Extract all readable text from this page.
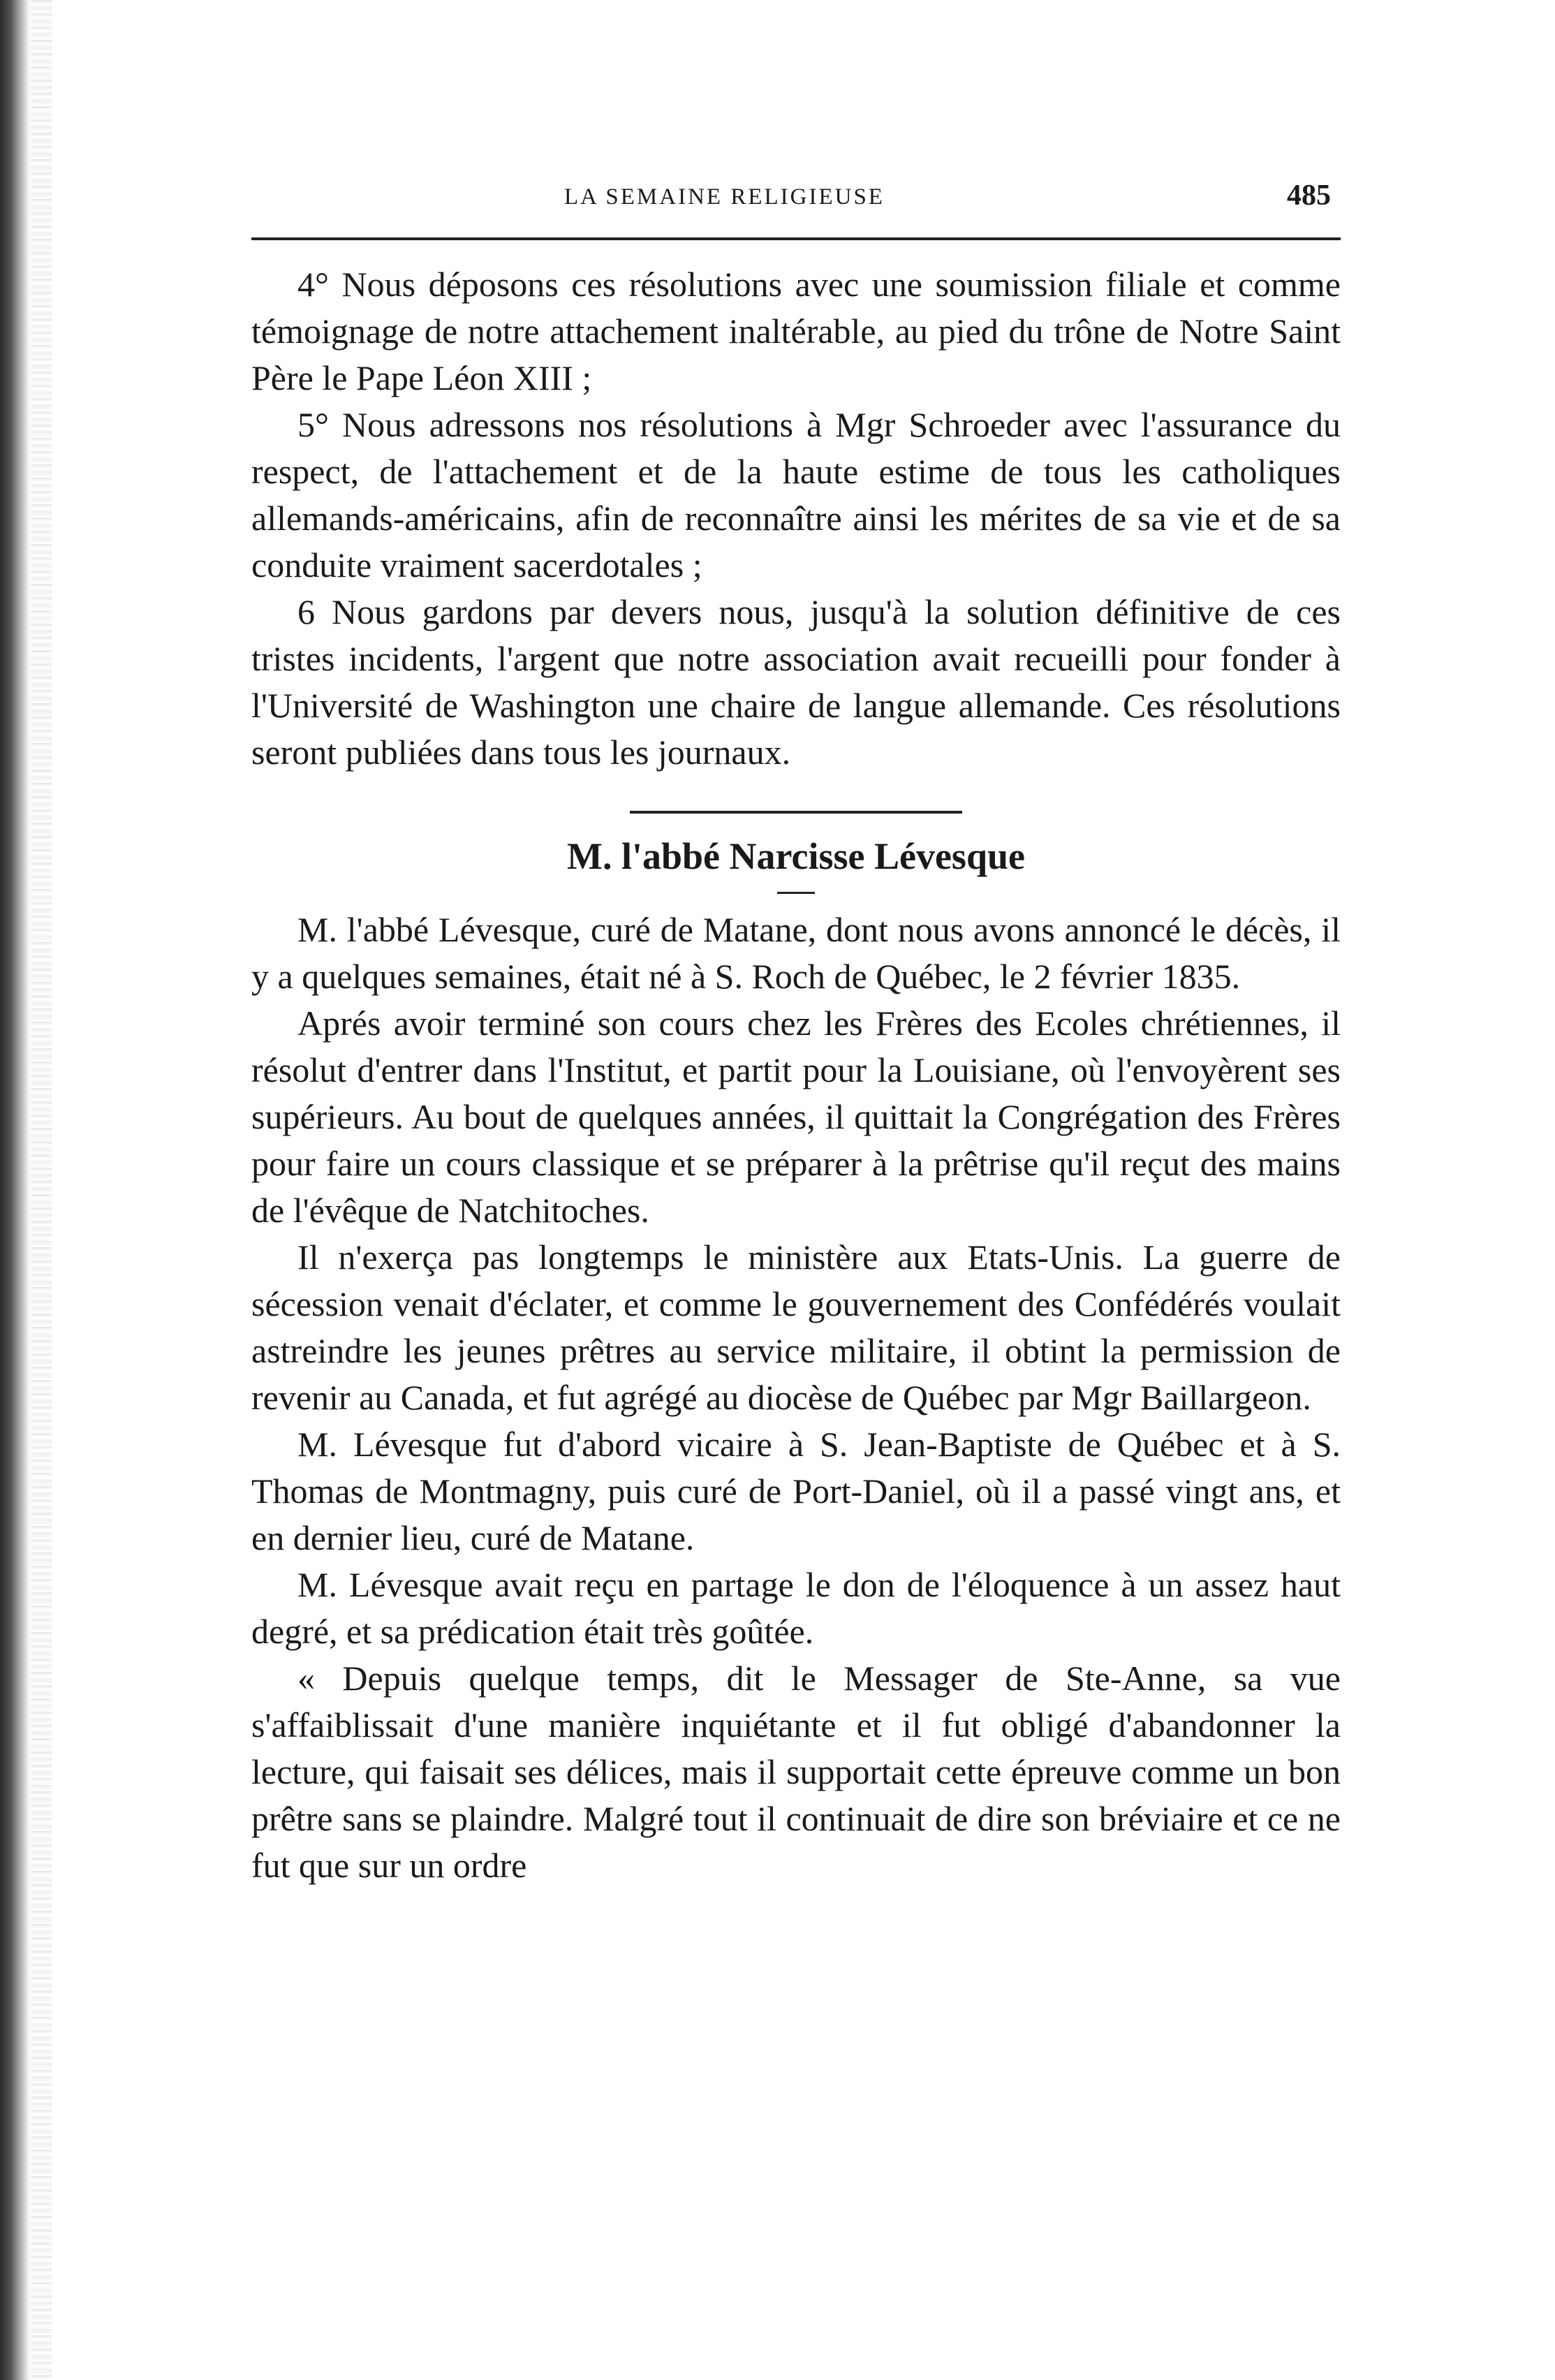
LA SEMAINE RELIGIEUSE	485

4° Nous déposons ces résolutions avec une soumission filiale et comme témoignage de notre attachement inaltérable, au pied du trône de Notre Saint Père le Pape Léon XIII ;

5° Nous adressons nos résolutions à Mgr Schroeder avec l'assurance du respect, de l'attachement et de la haute estime de tous les catholiques allemands-américains, afin de reconnaître ainsi les mérites de sa vie et de sa conduite vraiment sacerdotales ;

6 Nous gardons par devers nous, jusqu'à la solution définitive de ces tristes incidents, l'argent que notre association avait recueilli pour fonder à l'Université de Washington une chaire de langue allemande. Ces résolutions seront publiées dans tous les journaux.

M. l'abbé Narcisse Lévesque

M. l'abbé Lévesque, curé de Matane, dont nous avons annoncé le décès, il y a quelques semaines, était né à S. Roch de Québec, le 2 février 1835.

Aprés avoir terminé son cours chez les Frères des Ecoles chrétiennes, il résolut d'entrer dans l'Institut, et partit pour la Louisiane, où l'envoyèrent ses supérieurs. Au bout de quelques années, il quittait la Congrégation des Frères pour faire un cours classique et se préparer à la prêtrise qu'il reçut des mains de l'évêque de Natchitoches.

Il n'exerça pas longtemps le ministère aux Etats-Unis. La guerre de sécession venait d'éclater, et comme le gouvernement des Confédérés voulait astreindre les jeunes prêtres au service militaire, il obtint la permission de revenir au Canada, et fut agrégé au diocèse de Québec par Mgr Baillargeon.

M. Lévesque fut d'abord vicaire à S. Jean-Baptiste de Québec et à S. Thomas de Montmagny, puis curé de Port-Daniel, où il a passé vingt ans, et en dernier lieu, curé de Matane.

M. Lévesque avait reçu en partage le don de l'éloquence à un assez haut degré, et sa prédication était très goûtée.

« Depuis quelque temps, dit le Messager de Ste-Anne, sa vue s'affaiblissait d'une manière inquiétante et il fut obligé d'abandonner la lecture, qui faisait ses délices, mais il supportait cette épreuve comme un bon prêtre sans se plaindre. Malgré tout il continuait de dire son bréviaire et ce ne fut que sur un ordre
